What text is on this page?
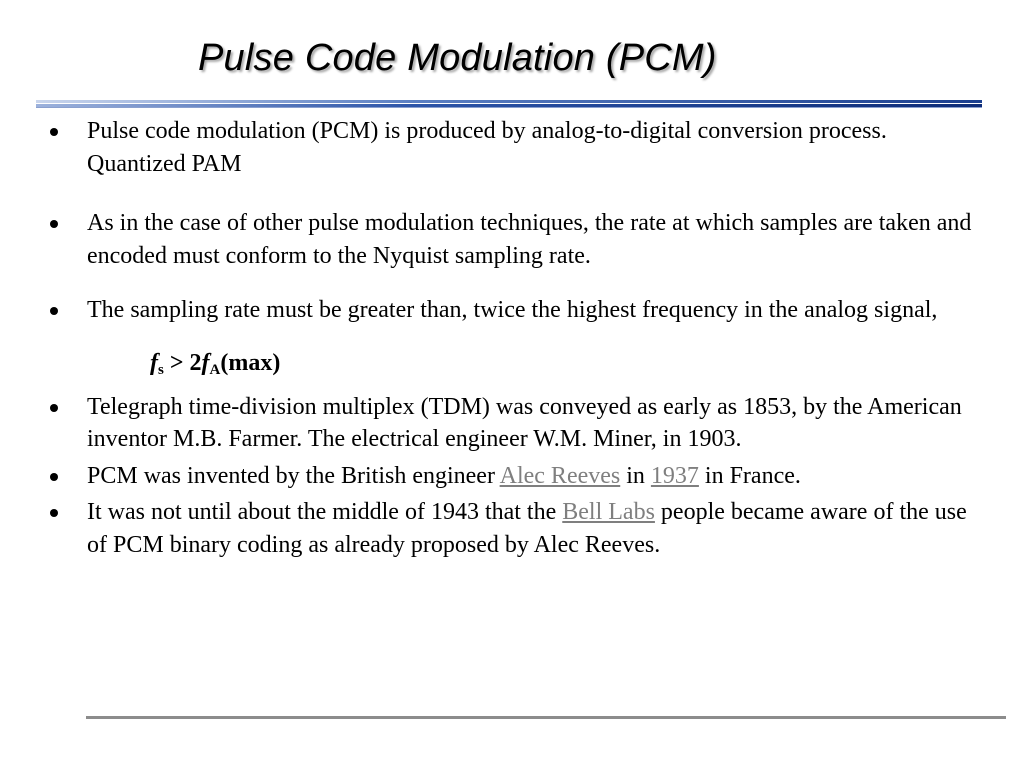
Pulse Code Modulation (PCM)
Pulse code modulation (PCM) is produced by analog-to-digital conversion process. Quantized PAM
As in the case of other pulse modulation techniques, the rate at which samples are taken and encoded must conform to the Nyquist sampling rate.
The sampling rate must be greater than, twice the highest frequency in the analog signal,
$f_s > 2f_A(\max)$
Telegraph time-division multiplex (TDM) was conveyed as early as 1853, by the American inventor M.B. Farmer. The electrical engineer W.M. Miner, in 1903.
PCM was invented by the British engineer Alec Reeves in 1937 in France.
It was not until about the middle of 1943 that the Bell Labs people became aware of the use of PCM binary coding as already proposed by Alec Reeves.
